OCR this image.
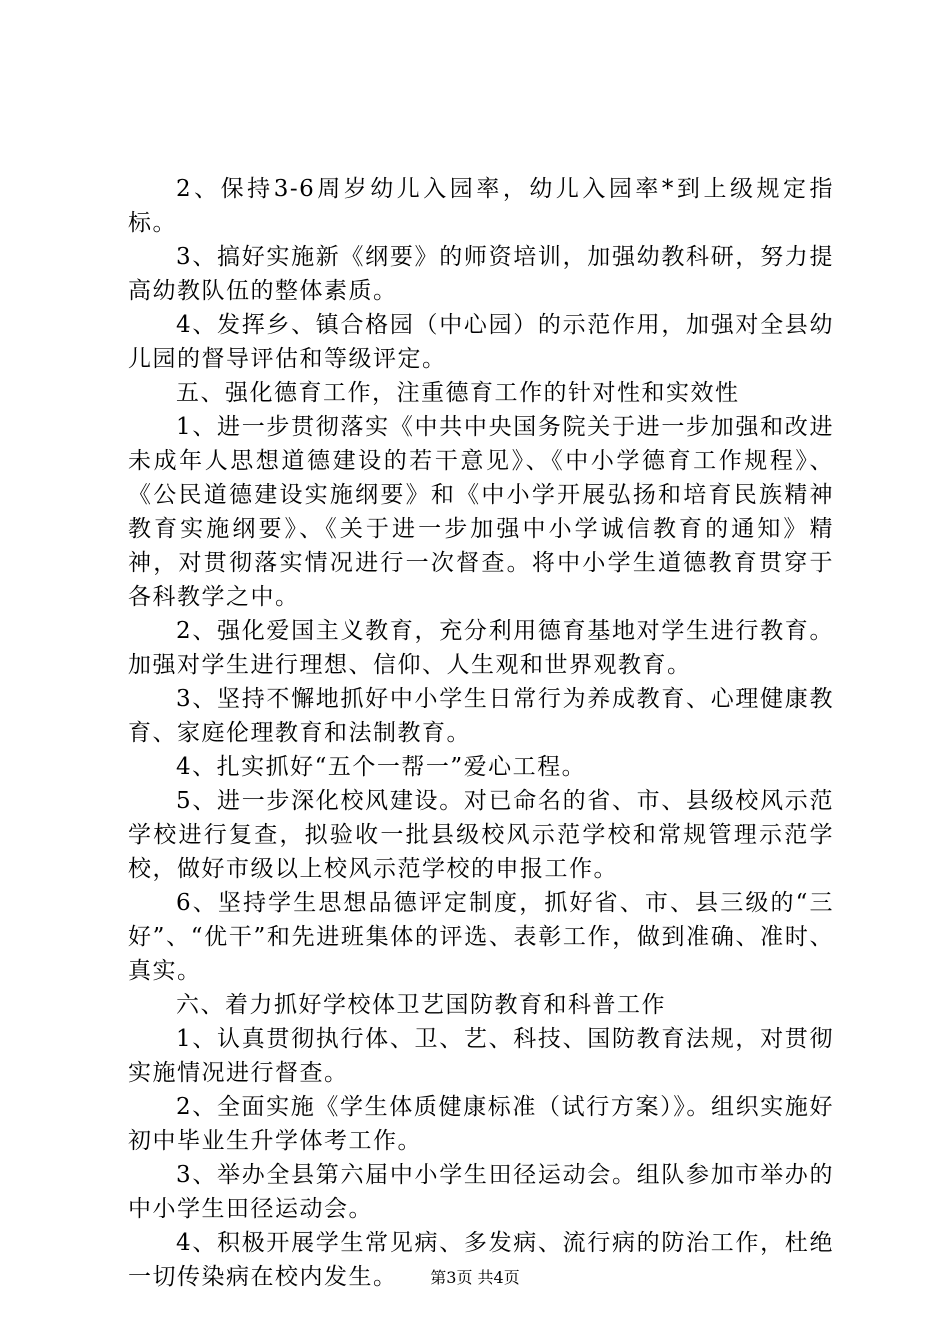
2、保持3-6周岁幼儿入园率，幼儿入园率*到上级规定指标。

3、搞好实施新《纲要》的师资培训，加强幼教科研，努力提高幼教队伍的整体素质。

4、发挥乡、镇合格园（中心园）的示范作用，加强对全县幼儿园的督导评估和等级评定。

五、强化德育工作，注重德育工作的针对性和实效性

1、进一步贯彻落实《中共中央国务院关于进一步加强和改进未成年人思想道德建设的若干意见》、《中小学德育工作规程》、《公民道德建设实施纲要》和《中小学开展弘扬和培育民族精神教育实施纲要》、《关于进一步加强中小学诚信教育的通知》精神，对贯彻落实情况进行一次督查。将中小学生道德教育贯穿于各科教学之中。

2、强化爱国主义教育，充分利用德育基地对学生进行教育。加强对学生进行理想、信仰、人生观和世界观教育。

3、坚持不懈地抓好中小学生日常行为养成教育、心理健康教育、家庭伦理教育和法制教育。

4、扎实抓好“五个一帮一”爱心工程。

5、进一步深化校风建设。对已命名的省、市、县级校风示范学校进行复查，拟验收一批县级校风示范学校和常规管理示范学校，做好市级以上校风示范学校的申报工作。

6、坚持学生思想品德评定制度，抓好省、市、县三级的“三好”、“优干”和先进班集体的评选、表彰工作，做到准确、准时、真实。

六、着力抓好学校体卫艺国防教育和科普工作

1、认真贯彻执行体、卫、艺、科技、国防教育法规，对贯彻实施情况进行督查。

2、全面实施《学生体质健康标准（试行方案）》。组织实施好初中毕业生升学体考工作。

3、举办全县第六届中小学生田径运动会。组队参加市举办的中小学生田径运动会。

4、积极开展学生常见病、多发病、流行病的防治工作，杜绝一切传染病在校内发生。	第3页 共4页
